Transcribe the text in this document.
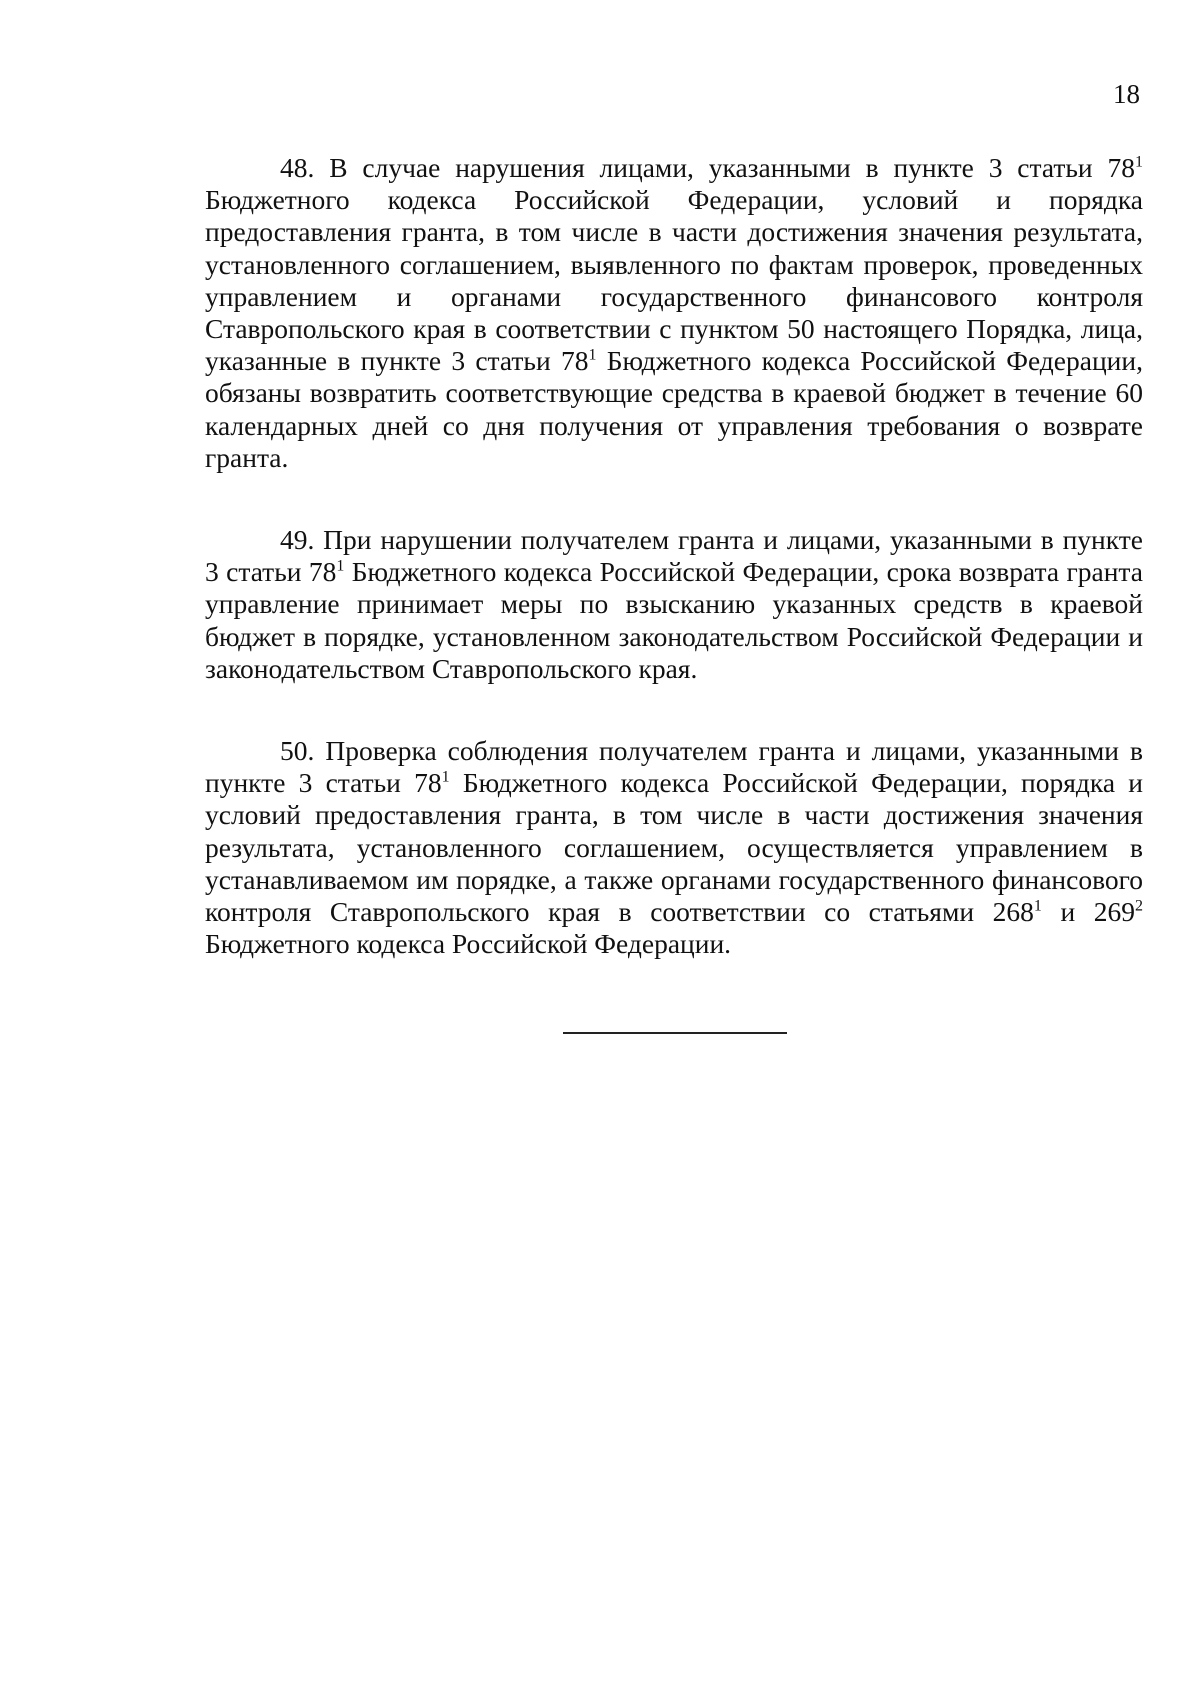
18

48. В случае нарушения лицами, указанными в пункте 3 статьи $78^1$ Бюджетного кодекса Российской Федерации, условий и порядка предоставления гранта, в том числе в части достижения значения результата, установленного соглашением, выявленного по фактам проверок, проведенных управлением и органами государственного финансового контроля Ставропольского края в соответствии с пунктом 50 настоящего Порядка, лица, указанные в пункте 3 статьи $78^1$ Бюджетного кодекса Российской Федерации, обязаны возвратить соответствующие средства в краевой бюджет в течение 60 календарных дней со дня получения от управления требования о возврате гранта.

49. При нарушении получателем гранта и лицами, указанными в пункте 3 статьи $78^1$ Бюджетного кодекса Российской Федерации, срока возврата гранта управление принимает меры по взысканию указанных средств в краевой бюджет в порядке, установленном законодательством Российской Федерации и законодательством Ставропольского края.

50. Проверка соблюдения получателем гранта и лицами, указанными в пункте 3 статьи $78^1$ Бюджетного кодекса Российской Федерации, порядка и условий предоставления гранта, в том числе в части достижения значения результата, установленного соглашением, осуществляется управлением в устанавливаемом им порядке, а также органами государственного финансового контроля Ставропольского края в соответствии со статьями $268^1$ и $269^2$ Бюджетного кодекса Российской Федерации.
